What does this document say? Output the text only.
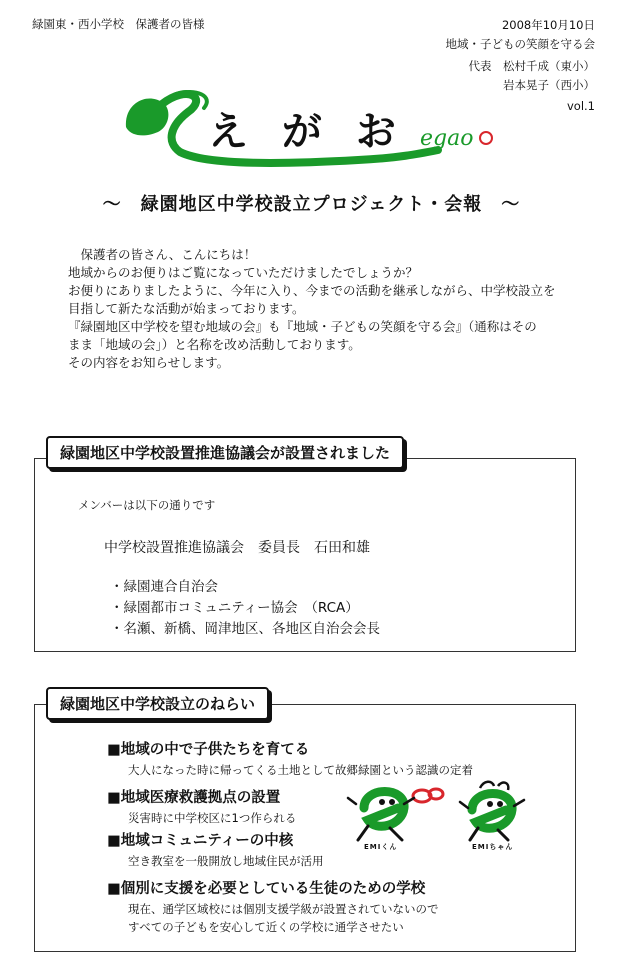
緑園東・西小学校　保護者の皆様	2008年10月10日
地域・子どもの笑顔を守る会
代表　松村千成（東小）
岩本晃子（西小）
vol.1
え が お egao
～　緑園地区中学校設立プロジェクト・会報　～
　保護者の皆さん、こんにちは！
地域からのお便りはご覧になっていただけましたでしょうか？
お便りにありましたように、今年に入り、今までの活動を継承しながら、中学校設立を
目指して新たな活動が始まっております。
『緑園地区中学校を望む地域の会』も『地域・子どもの笑顔を守る会』（通称はその
まま「地域の会」）と名称を改め活動しております。
その内容をお知らせします。
緑園地区中学校設置推進協議会が設置されました
メンバーは以下の通りです
中学校設置推進協議会　委員長　石田和雄
・緑園連合自治会
・緑園都市コミュニティー協会　（RCA）
・名瀬、新橋、岡津地区、各地区自治会会長
緑園地区中学校設立のねらい
■地域の中で子供たちを育てる
大人になった時に帰ってくる土地として故郷緑園という認識の定着
■地域医療救護拠点の設置
災害時に中学校区に1つ作られる
■地域コミュニティーの中核
空き教室を一般開放し地域住民が活用
■個別に支援を必要としている生徒のための学校
現在、通学区域校には個別支援学級が設置されていないので
すべての子どもを安心して近くの学校に通学させたい
EMIくん	EMIちゃん
